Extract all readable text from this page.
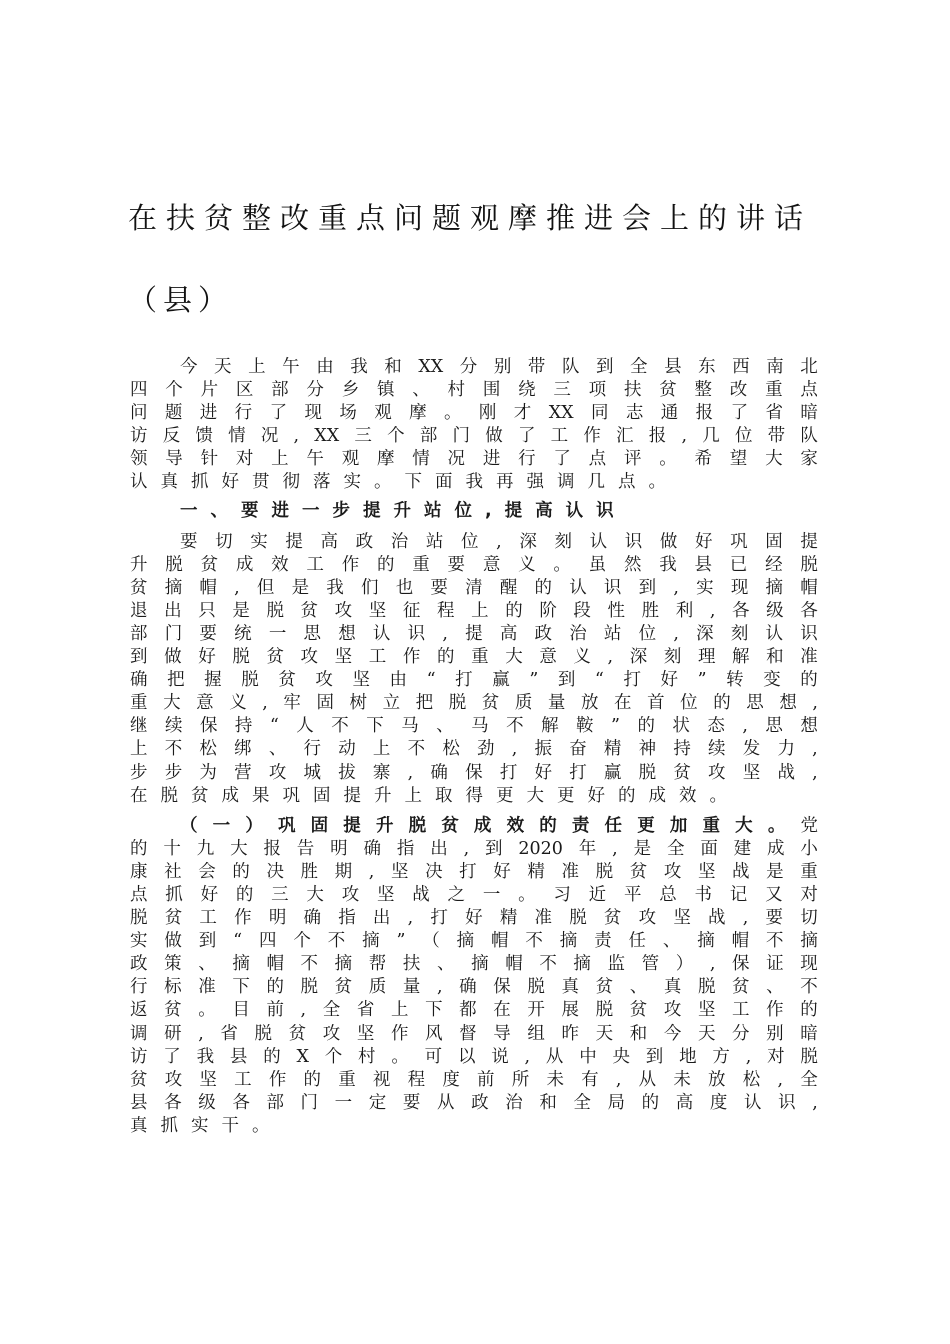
在扶贫整改重点问题观摩推进会上的讲话
（县）
今 天 上 午 由 我 和 XX 分 别 带 队 到 全 县 东 西 南 北
四 个 片 区 部 分 乡 镇 、 村 围 绕 三 项 扶 贫 整 改 重 点
问 题 进 行 了 现 场 观 摩 。 刚 才 XX 同 志 通 报 了 省 暗
访 反 馈 情 况 , XX 三 个 部 门 做 了 工 作 汇 报 , 几 位 带 队
领 导 针 对 上 午 观 摩 情 况 进 行 了 点 评 。 希 望 大 家
认 真 抓 好 贯 彻 落 实 。 下 面 我 再 强 调 几 点 。
一、要进一步提升站位,提高认识
要 切 实 提 高 政 治 站 位 , 深 刻 认 识 做 好 巩 固 提
升 脱 贫 成 效 工 作 的 重 要 意 义 。 虽 然 我 县 已 经 脱
贫 摘 帽 , 但 是 我 们 也 要 清 醒 的 认 识 到 , 实 现 摘 帽
退 出 只 是 脱 贫 攻 坚 征 程 上 的 阶 段 性 胜 利 , 各 级 各
部 门 要 统 一 思 想 认 识 , 提 高 政 治 站 位 , 深 刻 认 识
到 做 好 脱 贫 攻 坚 工 作 的 重 大 意 义 , 深 刻 理 解 和 准
确 把 握 脱 贫 攻 坚 由 “ 打 赢 ” 到 “ 打 好 ” 转 变 的
重 大 意 义 , 牢 固 树 立 把 脱 贫 质 量 放 在 首 位 的 思 想 ,
继 续 保 持 “ 人 不 下 马 、 马 不 解 鞍 ” 的 状 态 , 思 想
上 不 松 绑 、 行 动 上 不 松 劲 , 振 奋 精 神 持 续 发 力 ,
步 步 为 营 攻 城 拔 寨 , 确 保 打 好 打 赢 脱 贫 攻 坚 战 ,
在 脱 贫 成 果 巩 固 提 升 上 取 得 更 大 更 好 的 成 效 。
（ 一 ） 巩 固 提 升 脱 贫 成 效 的 责 任 更 加 重 大 。 党
的 十 九 大 报 告 明 确 指 出 , 到 2020 年 , 是 全 面 建 成 小
康 社 会 的 决 胜 期 , 坚 决 打 好 精 准 脱 贫 攻 坚 战 是 重
点 抓 好 的 三 大 攻 坚 战 之 一 。 习 近 平 总 书 记 又 对
脱 贫 工 作 明 确 指 出 , 打 好 精 准 脱 贫 攻 坚 战 , 要 切
实 做 到 “ 四 个 不 摘 ” （ 摘 帽 不 摘 责 任 、 摘 帽 不 摘
政 策 、 摘 帽 不 摘 帮 扶 、 摘 帽 不 摘 监 管 ） , 保 证 现
行 标 准 下 的 脱 贫 质 量 , 确 保 脱 真 贫 、 真 脱 贫 、 不
返 贫 。 目 前 , 全 省 上 下 都 在 开 展 脱 贫 攻 坚 工 作 的
调 研 , 省 脱 贫 攻 坚 作 风 督 导 组 昨 天 和 今 天 分 别 暗
访 了 我 县 的 X 个 村 。 可 以 说 , 从 中 央 到 地 方 , 对 脱
贫 攻 坚 工 作 的 重 视 程 度 前 所 未 有 , 从 未 放 松 , 全
县 各 级 各 部 门 一 定 要 从 政 治 和 全 局 的 高 度 认 识 ,
真 抓 实 干 。
